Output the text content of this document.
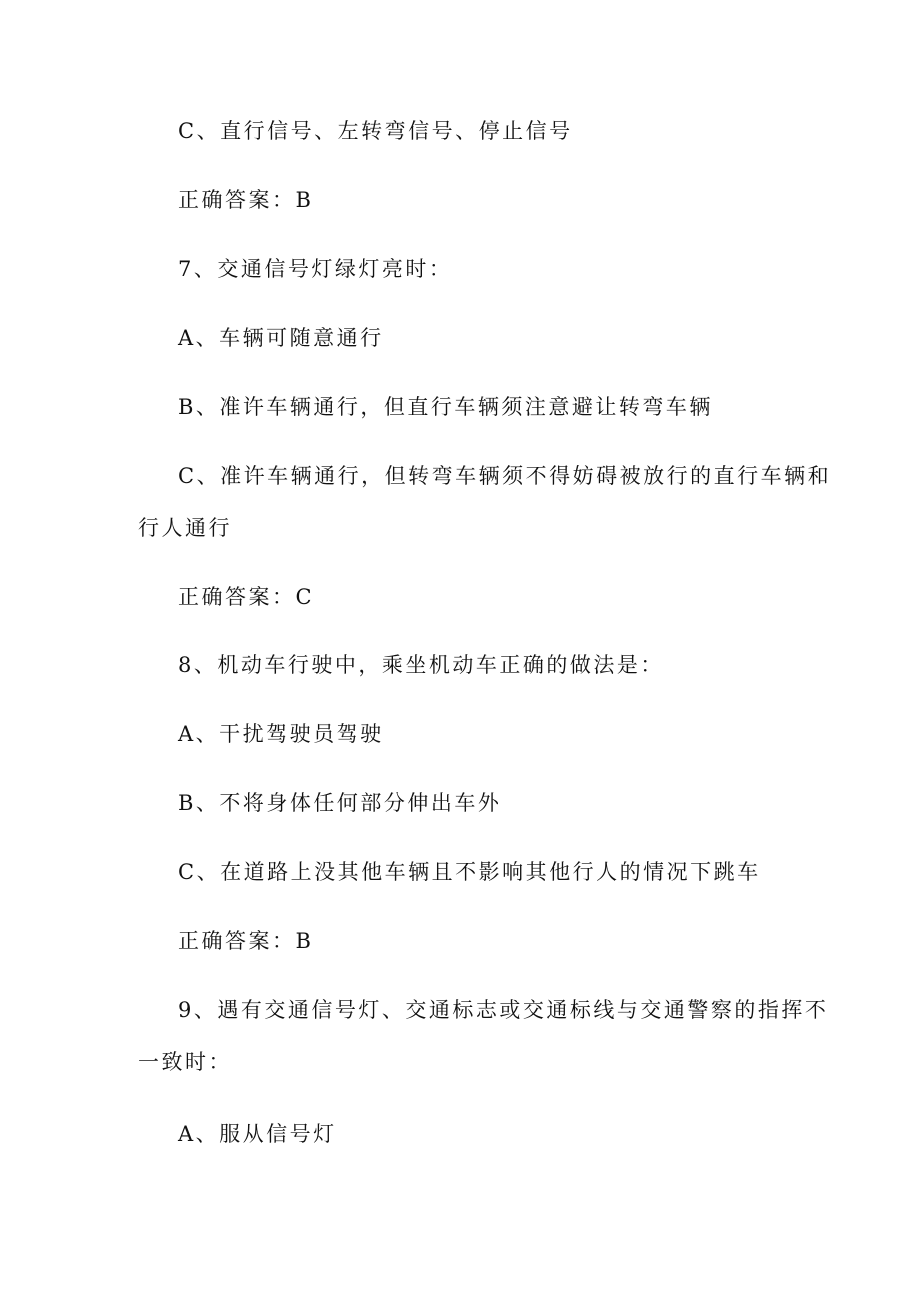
C、直行信号、左转弯信号、停止信号
正确答案：B
7、交通信号灯绿灯亮时：
A、车辆可随意通行
B、准许车辆通行，但直行车辆须注意避让转弯车辆
C、准许车辆通行，但转弯车辆须不得妨碍被放行的直行车辆和
行人通行
正确答案：C
8、机动车行驶中，乘坐机动车正确的做法是：
A、干扰驾驶员驾驶
B、不将身体任何部分伸出车外
C、在道路上没其他车辆且不影响其他行人的情况下跳车
正确答案：B
9、遇有交通信号灯、交通标志或交通标线与交通警察的指挥不
一致时：
A、服从信号灯
